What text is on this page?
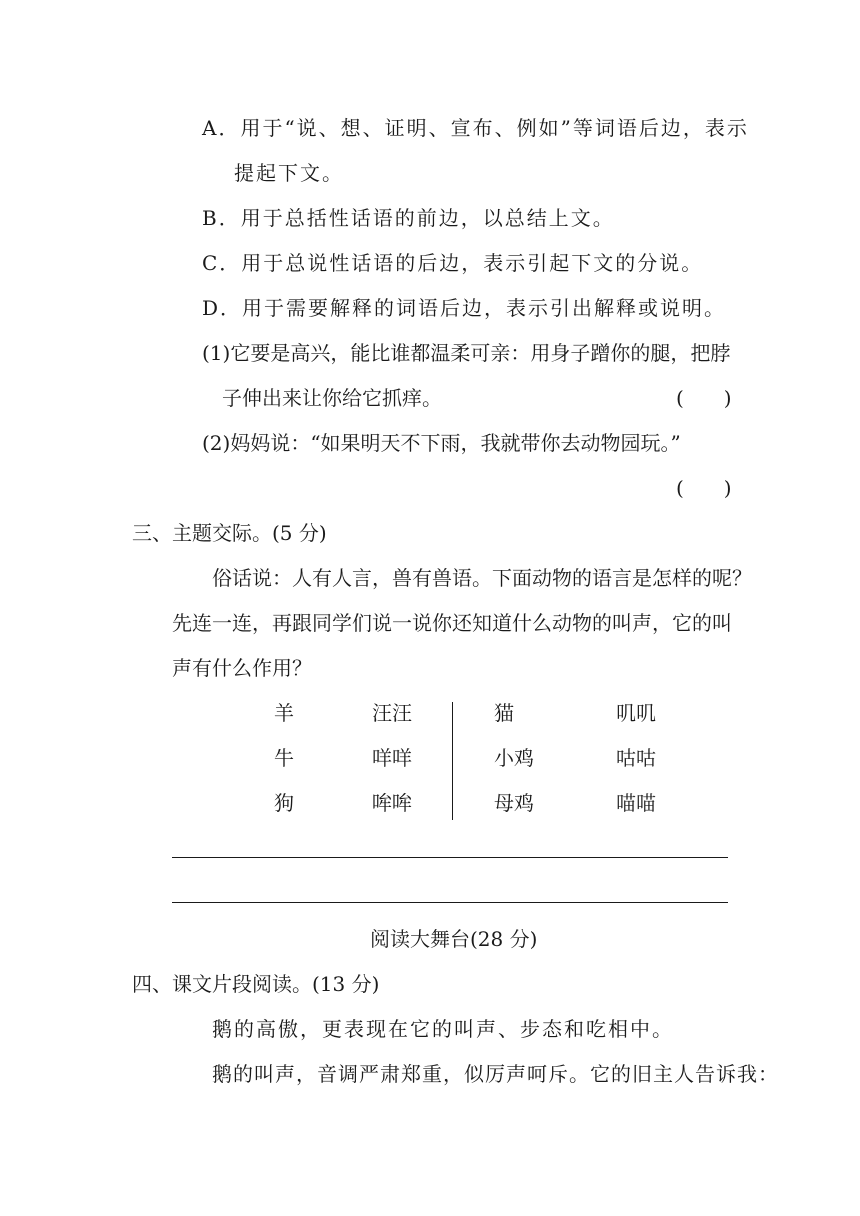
A．用于“说、想、证明、宣布、例如”等词语后边，表示
提起下文。
B．用于总括性话语的前边，以总结上文。
C．用于总说性话语的后边，表示引起下文的分说。
D．用于需要解释的词语后边，表示引出解释或说明。
(1)它要是高兴，能比谁都温柔可亲：用身子蹭你的腿，把脖
子伸出来让你给它抓痒。	(　　)
(2)妈妈说：“如果明天不下雨，我就带你去动物园玩。”
(　　)
三、主题交际。(5 分)
俗话说：人有人言，兽有兽语。下面动物的语言是怎样的呢？
先连一连，再跟同学们说一说你还知道什么动物的叫声，它的叫
声有什么作用？
羊
牛
狗
汪汪
咩咩
哞哞
猫
小鸡
母鸡
叽叽
咕咕
喵喵
阅读大舞台(28 分)
四、课文片段阅读。(13 分)
鹅的高傲，更表现在它的叫声、步态和吃相中。
鹅的叫声，音调严肃郑重，似厉声呵斥。它的旧主人告诉我：
